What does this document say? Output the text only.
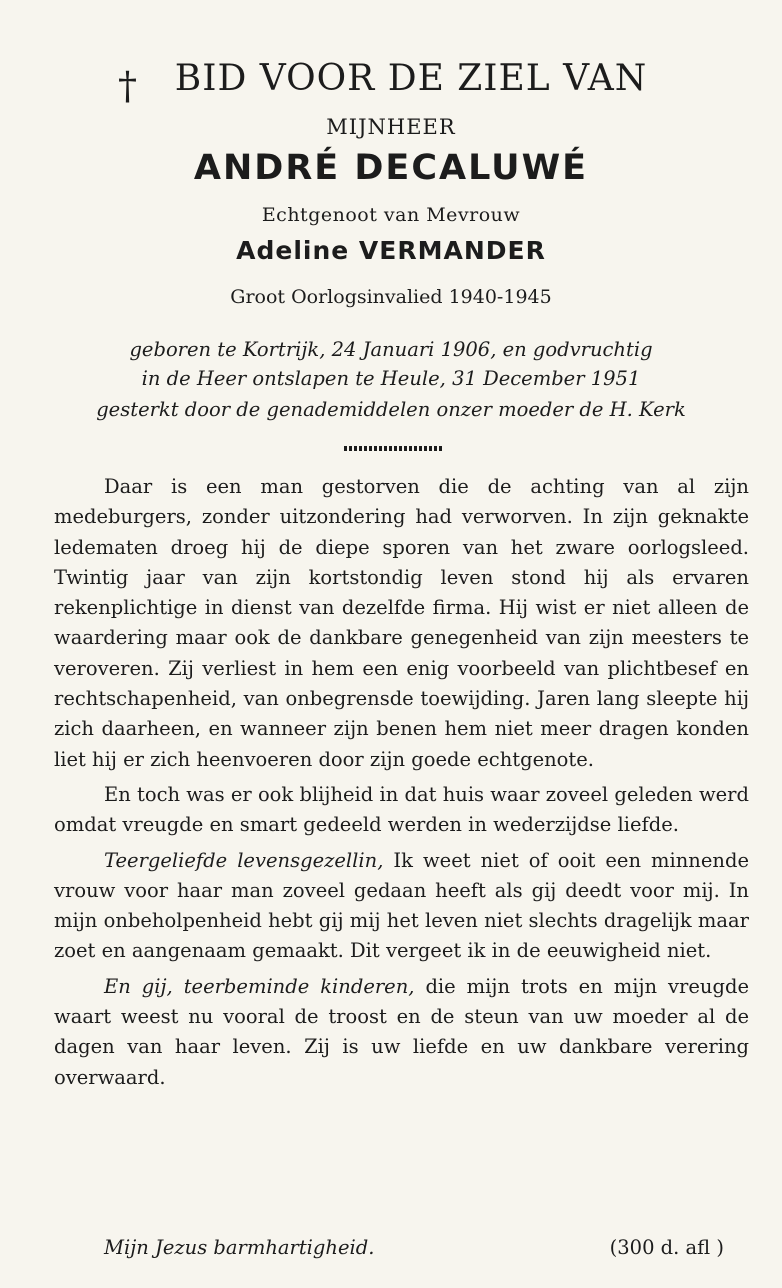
†	BID VOOR DE ZIEL VAN
MIJNHEER
ANDRÉ DECALUWÉ
Echtgenoot van Mevrouw
Adeline VERMANDER
Groot Oorlogsinvalied 1940-1945
geboren te Kortrijk, 24 Januari 1906, en godvruchtig
in de Heer ontslapen te Heule, 31 December 1951
gesterkt door de genademiddelen onzer moeder de H. Kerk

Daar is een man gestorven die de achting van al zijn medeburgers, zonder uitzondering had verworven. In zijn geknakte ledematen droeg hij de diepe sporen van het zware oorlogsleed. Twintig jaar van zijn kortstondig leven stond hij als ervaren rekenplichtige in dienst van dezelfde firma. Hij wist er niet alleen de waardering maar ook de dankbare genegenheid van zijn meesters te veroveren. Zij verliest in hem een enig voorbeeld van plichtbesef en rechtschapenheid, van onbegrensde toewijding. Jaren lang sleepte hij zich daarheen, en wanneer zijn benen hem niet meer dragen konden liet hij er zich heenvoeren door zijn goede echtgenote.

En toch was er ook blijheid in dat huis waar zoveel geleden werd omdat vreugde en smart gedeeld werden in wederzijdse liefde.

Teergeliefde levensgezellin, Ik weet niet of ooit een minnende vrouw voor haar man zoveel gedaan heeft als gij deedt voor mij. In mijn onbeholpenheid hebt gij mij het leven niet slechts dragelijk maar zoet en aangenaam gemaakt. Dit vergeet ik in de eeuwigheid niet.

En gij, teerbeminde kinderen, die mijn trots en mijn vreugde waart weest nu vooral de troost en de steun van uw moeder al de dagen van haar leven. Zij is uw liefde en uw dankbare verering overwaard.

Mijn Jezus barmhartigheid.	(300 d. afl )
